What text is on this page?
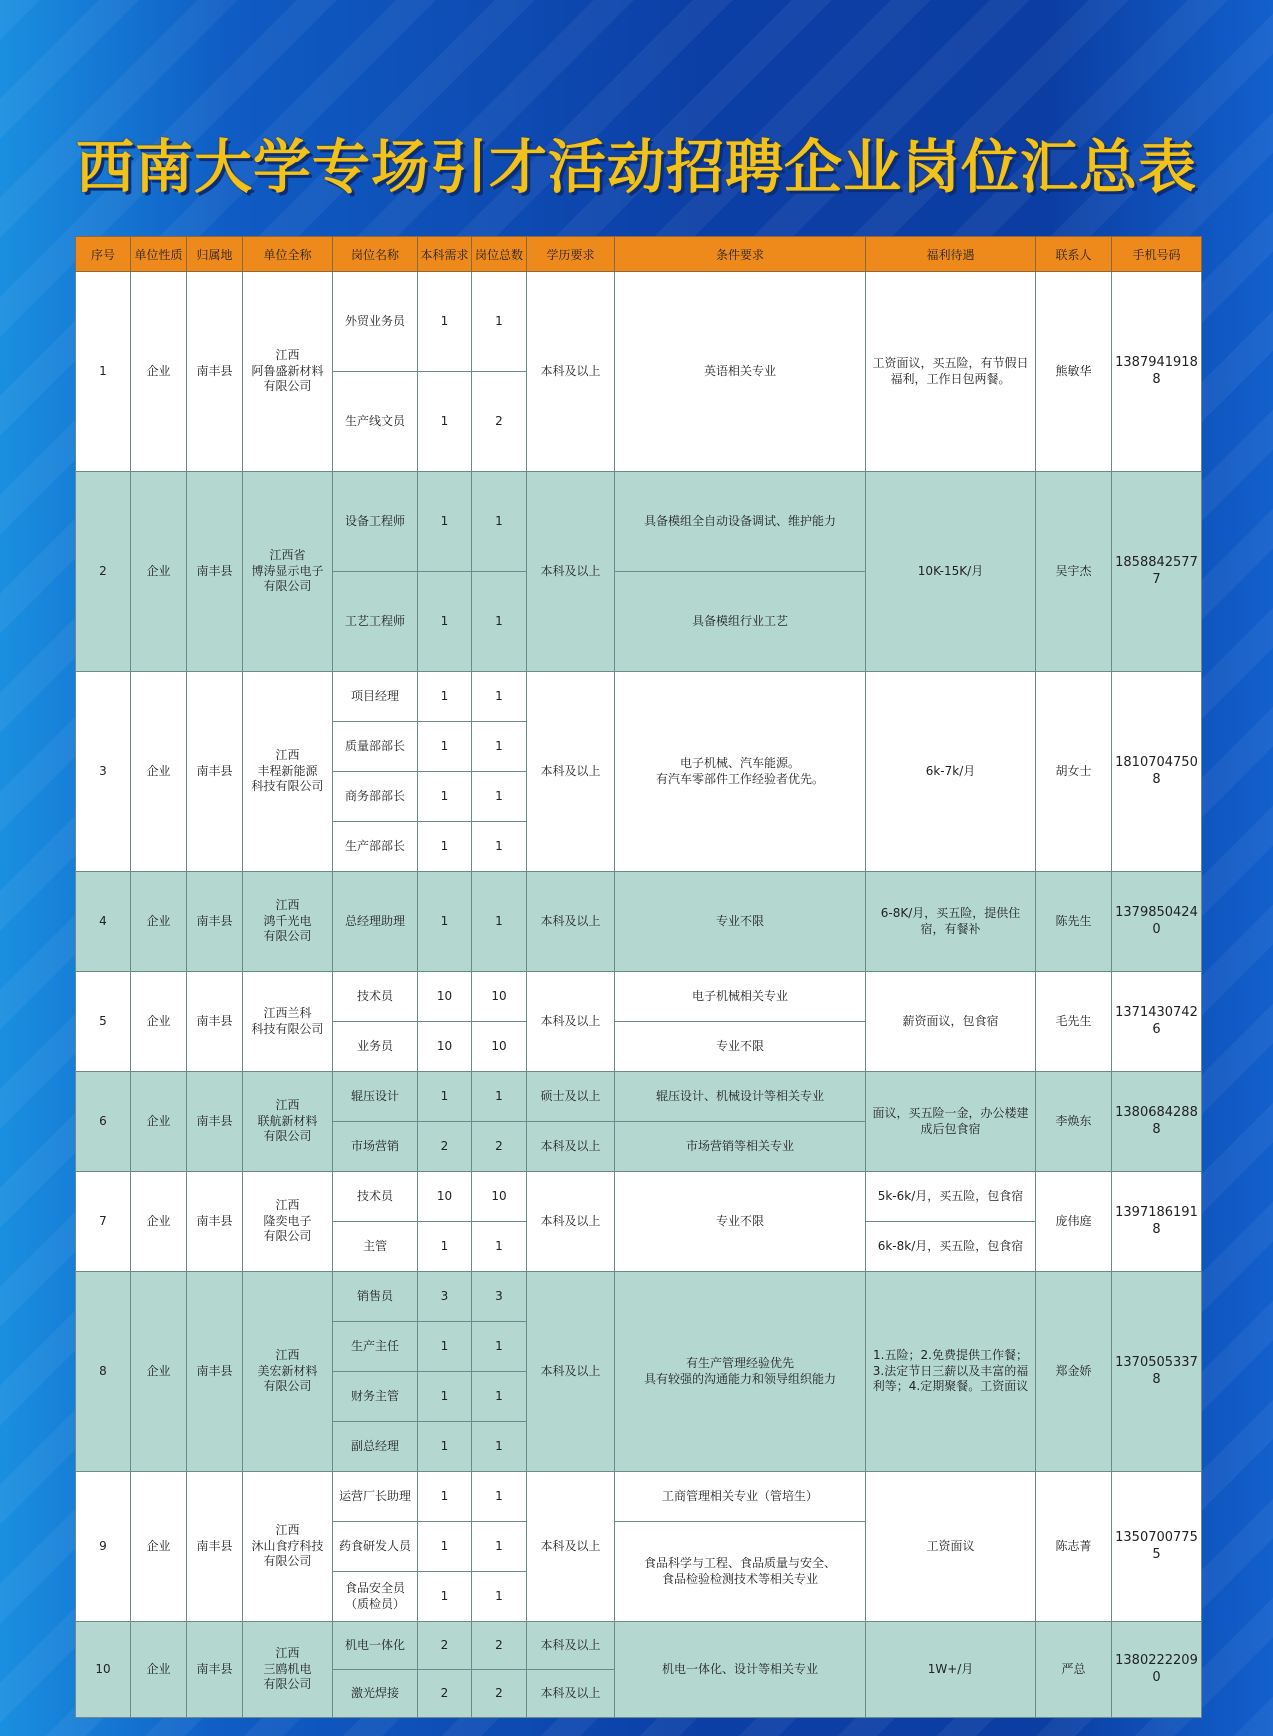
西南大学专场引才活动招聘企业岗位汇总表
序号	单位性质	归属地	单位全称	岗位名称	本科需求	岗位总数	学历要求	条件要求	福利待遇	联系人	手机号码
1	企业	南丰县	江西
阿鲁盛新材料
有限公司	外贸业务员	1	1	本科及以上	英语相关专业	工资面议，买五险，有节假日福利，工作日包两餐。	熊敏华	13879419188
				生产线文员	1	2					
2	企业	南丰县	江西省
博涛显示电子
有限公司	设备工程师	1	1	本科及以上	具备模组全自动设备调试、维护能力	10K-15K/月	吴宇杰	18588425777
				工艺工程师	1	1		具备模组行业工艺			
3	企业	南丰县	江西
丰程新能源
科技有限公司	项目经理	1	1	本科及以上	电子机械、汽车能源。
有汽车零部件工作经验者优先。	6k-7k/月	胡女士	18107047508
				质量部部长	1	1					
				商务部部长	1	1					
				生产部部长	1	1					
4	企业	南丰县	江西
鸿千光电
有限公司	总经理助理	1	1	本科及以上	专业不限	6-8K/月，买五险，提供住宿，有餐补	陈先生	13798504240
5	企业	南丰县	江西兰科
科技有限公司	技术员	10	10	本科及以上	电子机械相关专业	薪资面议，包食宿	毛先生	13714307426
				业务员	10	10		专业不限			
6	企业	南丰县	江西
联航新材料
有限公司	辊压设计	1	1	硕士及以上	辊压设计、机械设计等相关专业	面议，买五险一金，办公楼建成后包食宿	李焕东	13806842888
				市场营销	2	2	本科及以上	市场营销等相关专业			
7	企业	南丰县	江西
隆奕电子
有限公司	技术员	10	10	本科及以上	专业不限	5k-6k/月，买五险，包食宿	庞伟庭	13971861918
				主管	1	1			6k-8k/月，买五险，包食宿		
8	企业	南丰县	江西
美宏新材料
有限公司	销售员	3	3	本科及以上	有生产管理经验优先
具有较强的沟通能力和领导组织能力	1.五险；2.免费提供工作餐；3.法定节日三薪以及丰富的福利等；4.定期聚餐。工资面议	郑金娇	13705053378
				生产主任	1	1					
				财务主管	1	1					
				副总经理	1	1					
9	企业	南丰县	江西
沐山食疗科技
有限公司	运营厂长助理	1	1	本科及以上	工商管理相关专业（管培生）	工资面议	陈志菁	13507007755
				药食研发人员	1	1		食品科学与工程、食品质量与安全、
食品检验检测技术等相关专业			
				食品安全员
（质检员）	1	1					
10	企业	南丰县	江西
三鸥机电
有限公司	机电一体化	2	2	本科及以上	机电一体化、设计等相关专业	1W+/月	严总	13802222090
				激光焊接	2	2	本科及以上				
